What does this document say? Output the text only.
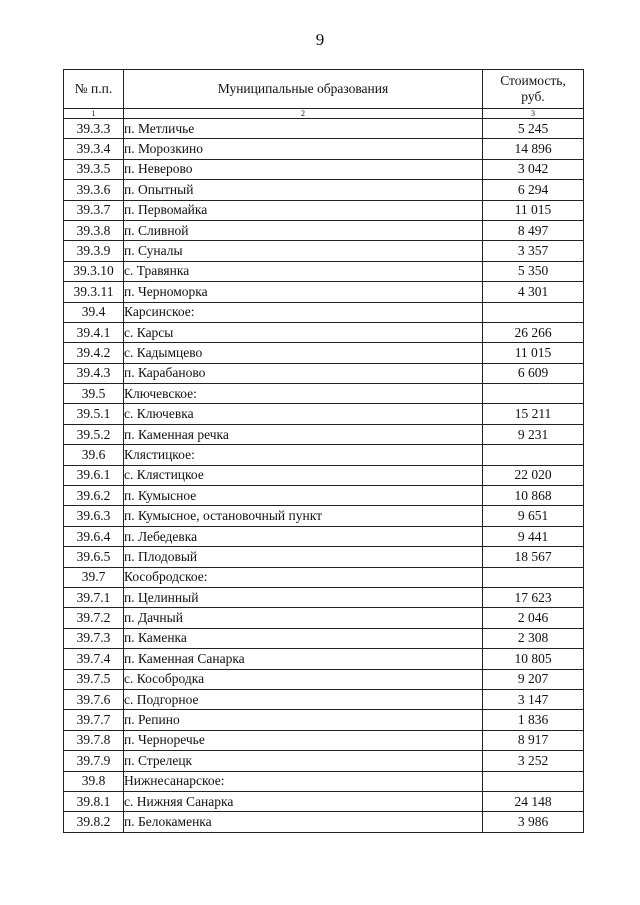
9
№ п.п.	Муниципальные образования	Стоимость,
руб.
1	2	3
39.3.3	п. Метличье	5 245
39.3.4	п. Морозкино	14 896
39.3.5	п. Неверово	3 042
39.3.6	п. Опытный	6 294
39.3.7	п. Первомайка	11 015
39.3.8	п. Сливной	8 497
39.3.9	п. Суналы	3 357
39.3.10	с. Травянка	5 350
39.3.11	п. Черноморка	4 301
39.4	Карсинское:	
39.4.1	с. Карсы	26 266
39.4.2	с. Кадымцево	11 015
39.4.3	п. Карабаново	6 609
39.5	Ключевское:	
39.5.1	с. Ключевка	15 211
39.5.2	п. Каменная речка	9 231
39.6	Клястицкое:	
39.6.1	с. Клястицкое	22 020
39.6.2	п. Кумысное	10 868
39.6.3	п. Кумысное, остановочный пункт	9 651
39.6.4	п. Лебедевка	9 441
39.6.5	п. Плодовый	18 567
39.7	Кособродское:	
39.7.1	п. Целинный	17 623
39.7.2	п. Дачный	2 046
39.7.3	п. Каменка	2 308
39.7.4	п. Каменная Санарка	10 805
39.7.5	с. Кособродка	9 207
39.7.6	с. Подгорное	3 147
39.7.7	п. Репино	1 836
39.7.8	п. Черноречье	8 917
39.7.9	п. Стрелецк	3 252
39.8	Нижнесанарское:	
39.8.1	с. Нижняя Санарка	24 148
39.8.2	п. Белокаменка	3 986
